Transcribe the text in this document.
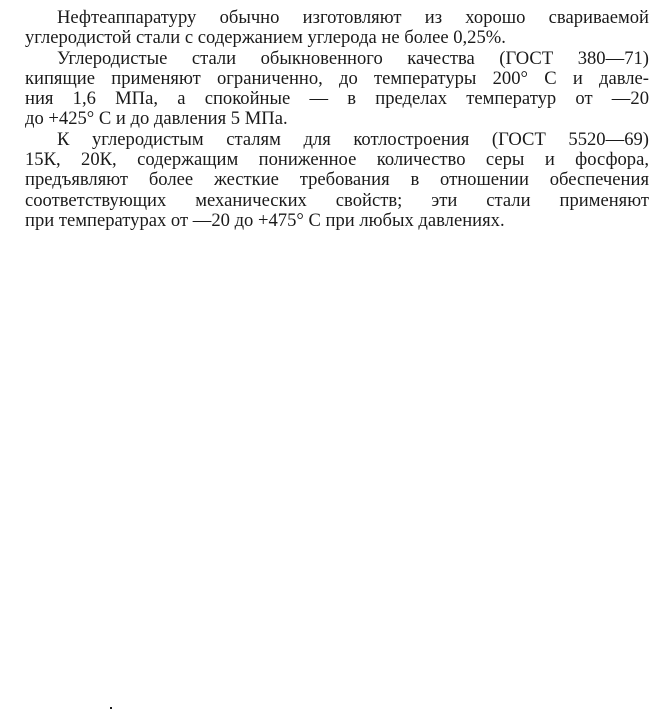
Нефтеаппаратуру обычно изготовляют из хорошо свариваемой
углеродистой стали с содержанием углерода не более 0,25%.
Углеродистые стали обыкновенного качества (ГОСТ 380—71)
кипящие применяют ограниченно, до температуры 200° С и давле-
ния 1,6 МПа, а спокойные — в пределах температур от —20
до +425° С и до давления 5 МПа.
К углеродистым сталям для котлостроения (ГОСТ 5520—69)
15К, 20К, содержащим пониженное количество серы и фосфора,
предъявляют более жесткие требования в отношении обеспечения
соответствующих механических свойств; эти стали применяют
при температурах от —20 до +475° С при любых давлениях.
